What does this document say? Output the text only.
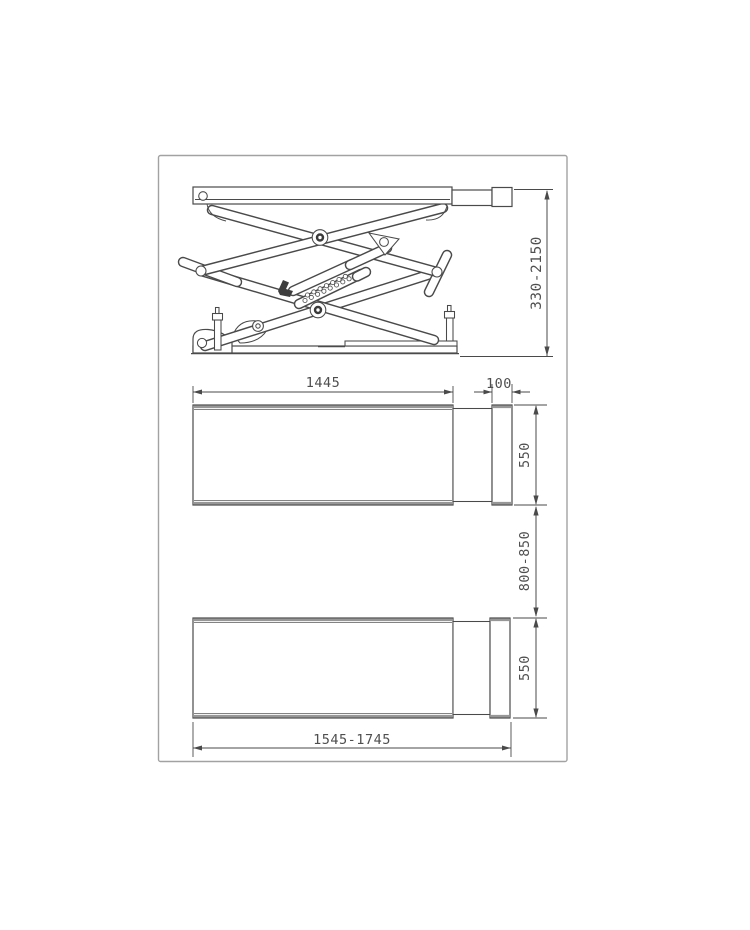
330-2150
1445	100
550
800-850
550
1545-1745
